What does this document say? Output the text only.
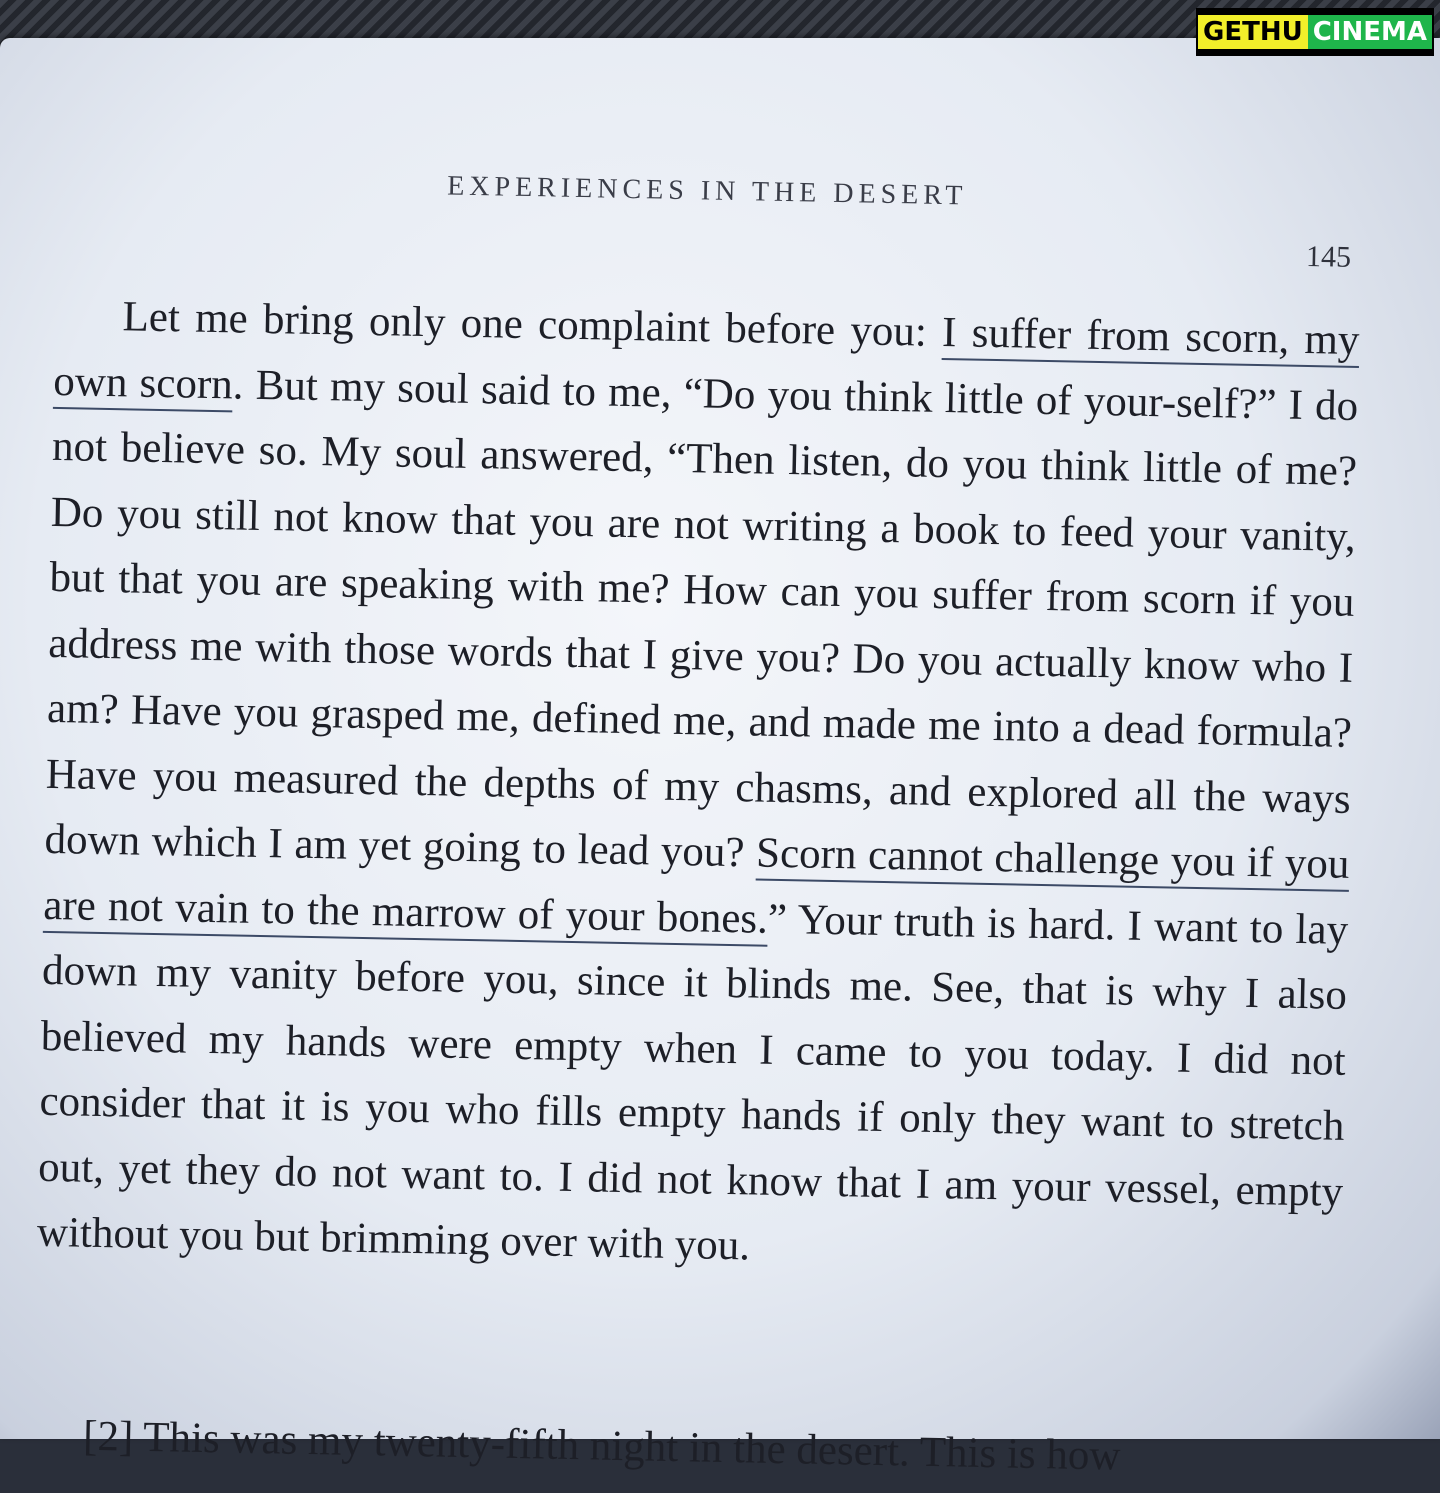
GETHU CINEMA
EXPERIENCES IN THE DESERT
145

Let me bring only one complaint before you: I suffer from scorn, my own scorn. But my soul said to me, “Do you think little of your-self?” I do not believe so. My soul answered, “Then listen, do you think little of me? Do you still not know that you are not writing a book to feed your vanity, but that you are speaking with me? How can you suffer from scorn if you address me with those words that I give you? Do you actually know who I am? Have you grasped me, defined me, and made me into a dead formula? Have you measured the depths of my chasms, and explored all the ways down which I am yet going to lead you? Scorn cannot challenge you if you are not vain to the marrow of your bones.” Your truth is hard. I want to lay down my vanity before you, since it blinds me. See, that is why I also believed my hands were empty when I came to you today. I did not consider that it is you who fills empty hands if only they want to stretch out, yet they do not want to. I did not know that I am your vessel, empty without you but brimming over with you.

[2] This was my twenty-fifth night in the desert. This is how
